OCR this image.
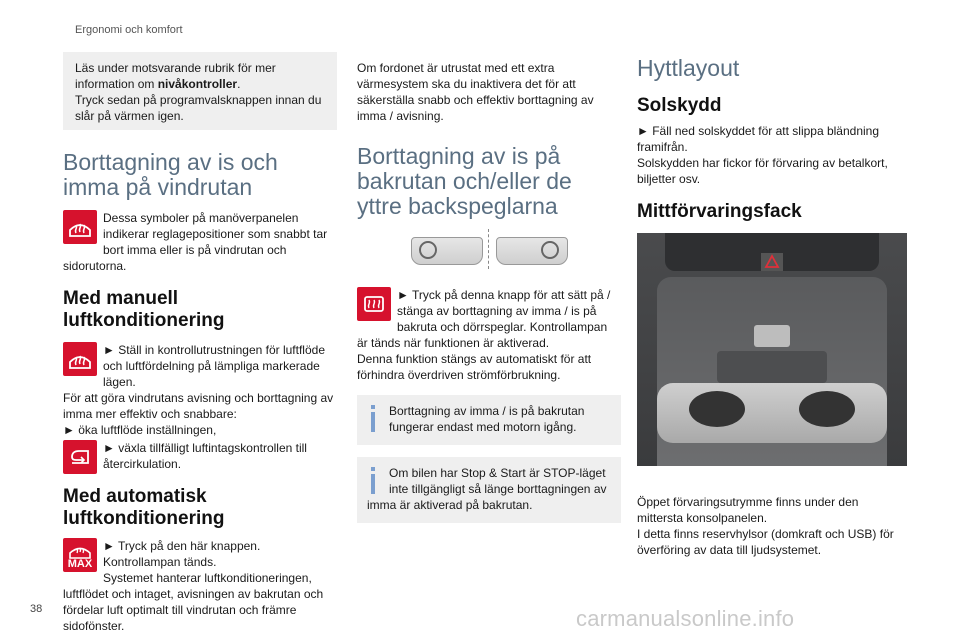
Ergonomi och komfort

Läs under motsvarande rubrik för mer information om nivåkontroller.

Tryck sedan på programvalsknappen innan du slår på värmen igen.

Borttagning av is och imma på vindrutan

Dessa symboler på manöverpanelen indikerar reglagepositioner som snabbt tar bort imma eller is på vindrutan och sidorutorna.

Med manuell luftkonditionering

► Ställ in kontrollutrustningen för luftflöde och luftfördelning på lämpliga markerade lägen.

För att göra vindrutans avisning och borttagning av imma mer effektiv och snabbare:

► öka luftflöde inställningen,

► växla tillfälligt luftintagskontrollen till återcirkulation.

Med automatisk luftkonditionering
MAX

► Tryck på den här knappen. Kontrollampan tänds.

Systemet hanterar luftkonditioneringen, luftflödet och intaget, avisningen av bakrutan och fördelar luft optimalt till vindrutan och främre sidofönster.

Om fordonet är utrustat med ett extra värmesystem ska du inaktivera det för att säkerställa snabb och effektiv borttagning av imma / avisning.

Borttagning av is på bakrutan och/eller de yttre backspeglarna

► Tryck på denna knapp för att sätt på / stänga av borttagning av imma / is på bakruta och dörrspeglar. Kontrollampan är tänds när funktionen är aktiverad.

Denna funktion stängs av automatiskt för att förhindra överdriven strömförbrukning.

Borttagning av imma / is på bakrutan fungerar endast med motorn igång.

Om bilen har Stop & Start är STOP-läget inte tillgängligt så länge borttagningen av imma är aktiverad på bakrutan.

Hyttlayout
Solskydd

► Fäll ned solskyddet för att slippa bländning framifrån.

Solskydden har fickor för förvaring av betalkort, biljetter osv.

Mittförvaringsfack

Öppet förvaringsutrymme finns under den mittersta konsolpanelen.

I detta finns reservhylsor (domkraft och USB) för överföring av data till ljudsystemet.

38	carmanualsonline.info
